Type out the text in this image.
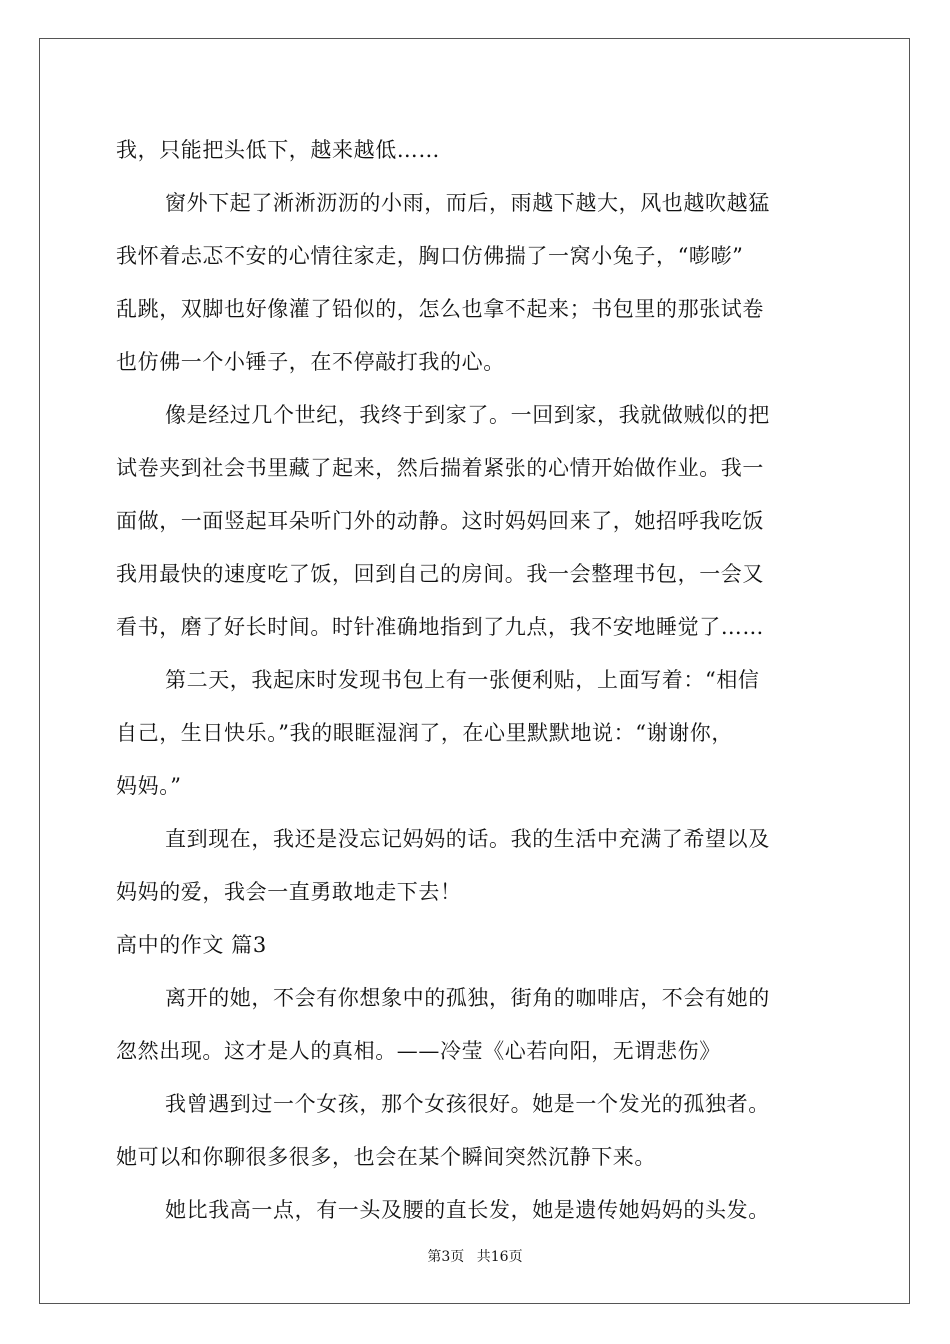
我，只能把头低下，越来越低……
窗外下起了淅淅沥沥的小雨，而后，雨越下越大，风也越吹越猛
我怀着忐忑不安的心情往家走，胸口仿佛揣了一窝小兔子，“嘭嘭”
乱跳，双脚也好像灌了铅似的，怎么也拿不起来；书包里的那张试卷
也仿佛一个小锤子，在不停敲打我的心。
像是经过几个世纪，我终于到家了。一回到家，我就做贼似的把
试卷夹到社会书里藏了起来，然后揣着紧张的心情开始做作业。我一
面做，一面竖起耳朵听门外的动静。这时妈妈回来了，她招呼我吃饭
我用最快的速度吃了饭，回到自己的房间。我一会整理书包，一会又
看书，磨了好长时间。时针准确地指到了九点，我不安地睡觉了……
第二天，我起床时发现书包上有一张便利贴，上面写着：“相信
自己，生日快乐。”我的眼眶湿润了，在心里默默地说：“谢谢你，
妈妈。”
直到现在，我还是没忘记妈妈的话。我的生活中充满了希望以及
妈妈的爱，我会一直勇敢地走下去！
高中的作文 篇3
离开的她，不会有你想象中的孤独，街角的咖啡店，不会有她的
忽然出现。这才是人的真相。——冷莹《心若向阳，无谓悲伤》
我曾遇到过一个女孩，那个女孩很好。她是一个发光的孤独者。
她可以和你聊很多很多，也会在某个瞬间突然沉静下来。
她比我高一点，有一头及腰的直长发，她是遗传她妈妈的头发。
第3页 共16页
